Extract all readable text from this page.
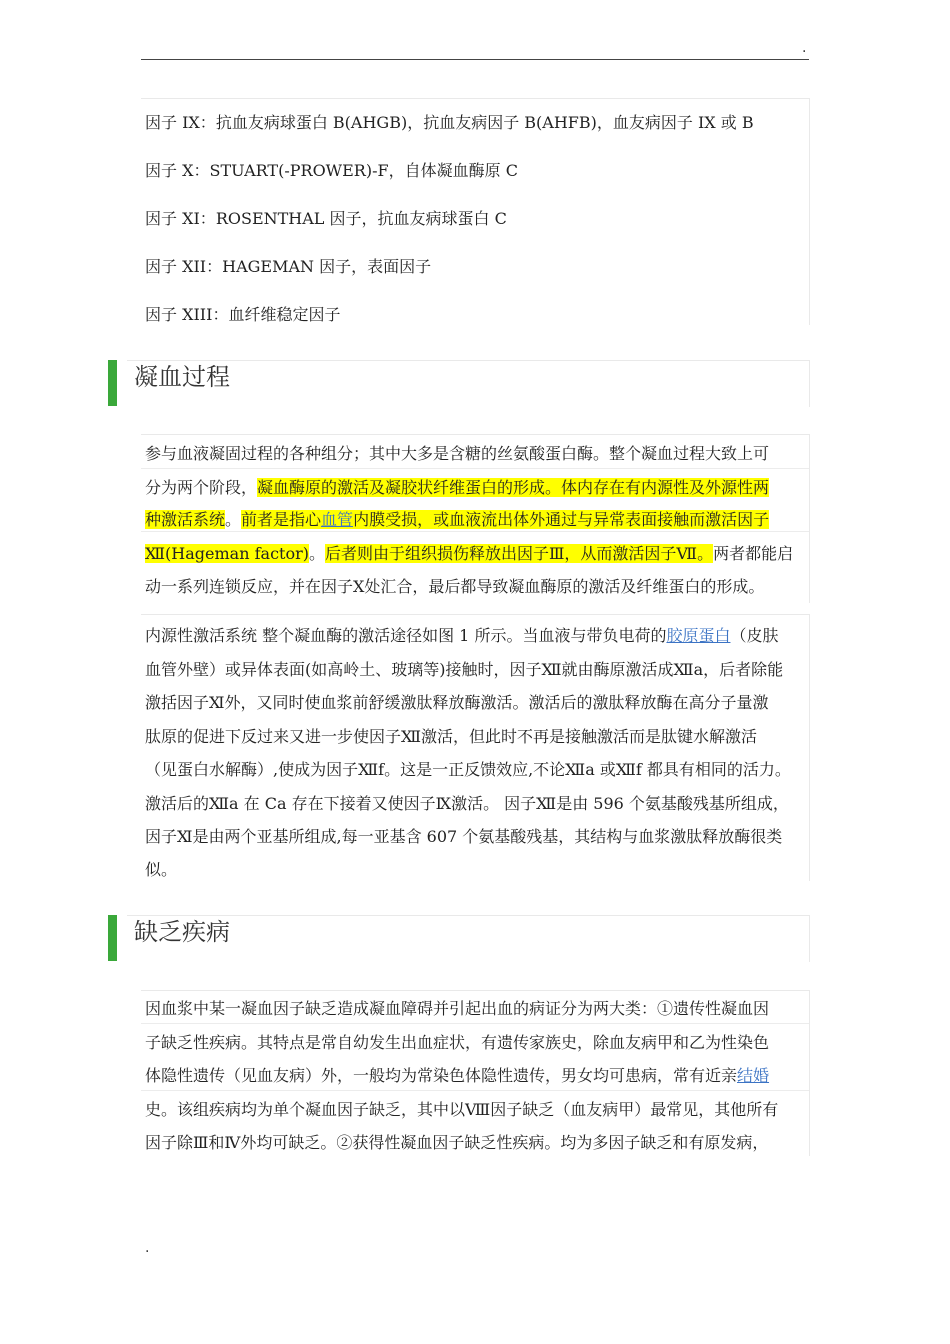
.
因子 IX：抗血友病球蛋白 B(AHGB)，抗血友病因子 B(AHFB)，血友病因子 IX 或 B
因子 X：STUART(-PROWER)-F，自体凝血酶原 C
因子 XI：ROSENTHAL 因子，抗血友病球蛋白 C
因子 XII：HAGEMAN 因子，表面因子
因子 XIII：血纤维稳定因子
凝血过程
参与血液凝固过程的各种组分；其中大多是含糖的丝氨酸蛋白酶。整个凝血过程大致上可
分为两个阶段，凝血酶原的激活及凝胶状纤维蛋白的形成。体内存在有内源性及外源性两
种激活系统。前者是指心血管内膜受损，或血液流出体外通过与异常表面接触而激活因子
Ⅻ(Hageman factor)。后者则由于组织损伤释放出因子Ⅲ，从而激活因子Ⅶ。两者都能启
动一系列连锁反应，并在因子Ⅹ处汇合，最后都导致凝血酶原的激活及纤维蛋白的形成。
内源性激活系统 整个凝血酶的激活途径如图 1 所示。当血液与带负电荷的胶原蛋白（皮肤
血管外壁）或异体表面(如高岭土、玻璃等)接触时，因子Ⅻ就由酶原激活成Ⅻa，后者除能
激括因子Ⅺ外，又同时使血浆前舒缓激肽释放酶激活。激活后的激肽释放酶在高分子量激
肽原的促进下反过来又进一步使因子Ⅻ激活，但此时不再是接触激活而是肽键水解激活
（见蛋白水解酶）,使成为因子Ⅻf。这是一正反馈效应,不论Ⅻa 或Ⅻf 都具有相同的活力。
激活后的Ⅻa 在 Ca 存在下接着又使因子Ⅸ激活。 因子Ⅻ是由 596 个氨基酸残基所组成，
因子Ⅺ是由两个亚基所组成,每一亚基含 607 个氨基酸残基，其结构与血浆激肽释放酶很类
似。
缺乏疾病
因血浆中某一凝血因子缺乏造成凝血障碍并引起出血的病证分为两大类：①遗传性凝血因
子缺乏性疾病。其特点是常自幼发生出血症状，有遗传家族史，除血友病甲和乙为性染色
体隐性遗传（见血友病）外，一般均为常染色体隐性遗传，男女均可患病，常有近亲结婚
史。该组疾病均为单个凝血因子缺乏，其中以Ⅷ因子缺乏（血友病甲）最常见，其他所有
因子除Ⅲ和Ⅳ外均可缺乏。②获得性凝血因子缺乏性疾病。均为多因子缺乏和有原发病，
.
